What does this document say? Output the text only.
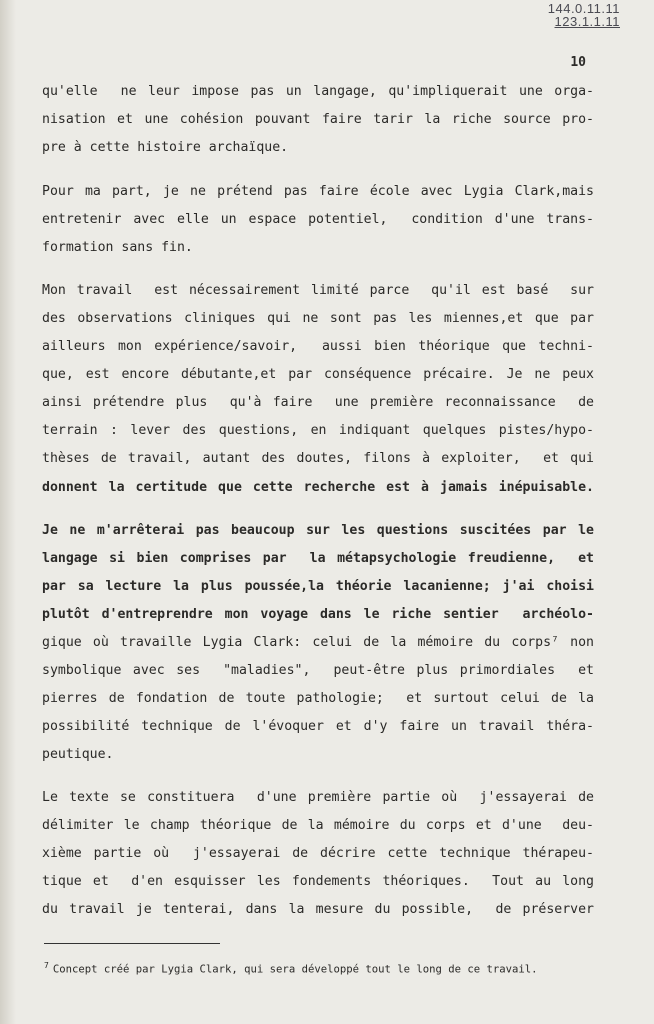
144.0.11.11
123.1.1.11
10
qu'elle  ne leur impose pas un langage, qu'impliquerait une orga-
nisation et une cohésion pouvant faire tarir la riche source pro-
pre à cette histoire archaïque.
Pour ma part, je ne prétend pas faire école avec Lygia Clark,mais
entretenir avec elle un espace potentiel,  condition d'une trans-
formation sans fin.
Mon travail  est nécessairement limité parce  qu'il est basé  sur
des observations cliniques qui ne sont pas les miennes,et que par
ailleurs mon expérience/savoir,  aussi bien théorique que techni-
que, est encore débutante,et par conséquence précaire. Je ne peux
ainsi prétendre plus  qu'à faire  une première reconnaissance  de
terrain : lever des questions, en indiquant quelques pistes/hypo-
thèses de travail, autant des doutes, filons à exploiter,  et qui
donnent la certitude que cette recherche est à jamais inépuisable.
Je ne m'arrêterai pas beaucoup sur les questions suscitées par le
langage si bien comprises par  la métapsychologie freudienne,  et
par sa lecture la plus poussée,la théorie lacanienne; j'ai choisi
plutôt d'entreprendre mon voyage dans le riche sentier  archéolo-
gique où travaille Lygia Clark: celui de la mémoire du corps⁷ non
symbolique avec ses  "maladies",  peut-être plus primordiales  et
pierres de fondation de toute pathologie;  et surtout celui de la
possibilité technique de l'évoquer et d'y faire un travail théra-
peutique.
Le texte se constituera  d'une première partie où  j'essayerai de
délimiter le champ théorique de la mémoire du corps et d'une  deu-
xième partie où  j'essayerai de décrire cette technique thérapeu-
tique et  d'en esquisser les fondements théoriques.  Tout au long
du travail je tenterai, dans la mesure du possible,  de préserver
$^7$ Concept créé par Lygia Clark, qui sera développé tout le long de ce travail.
